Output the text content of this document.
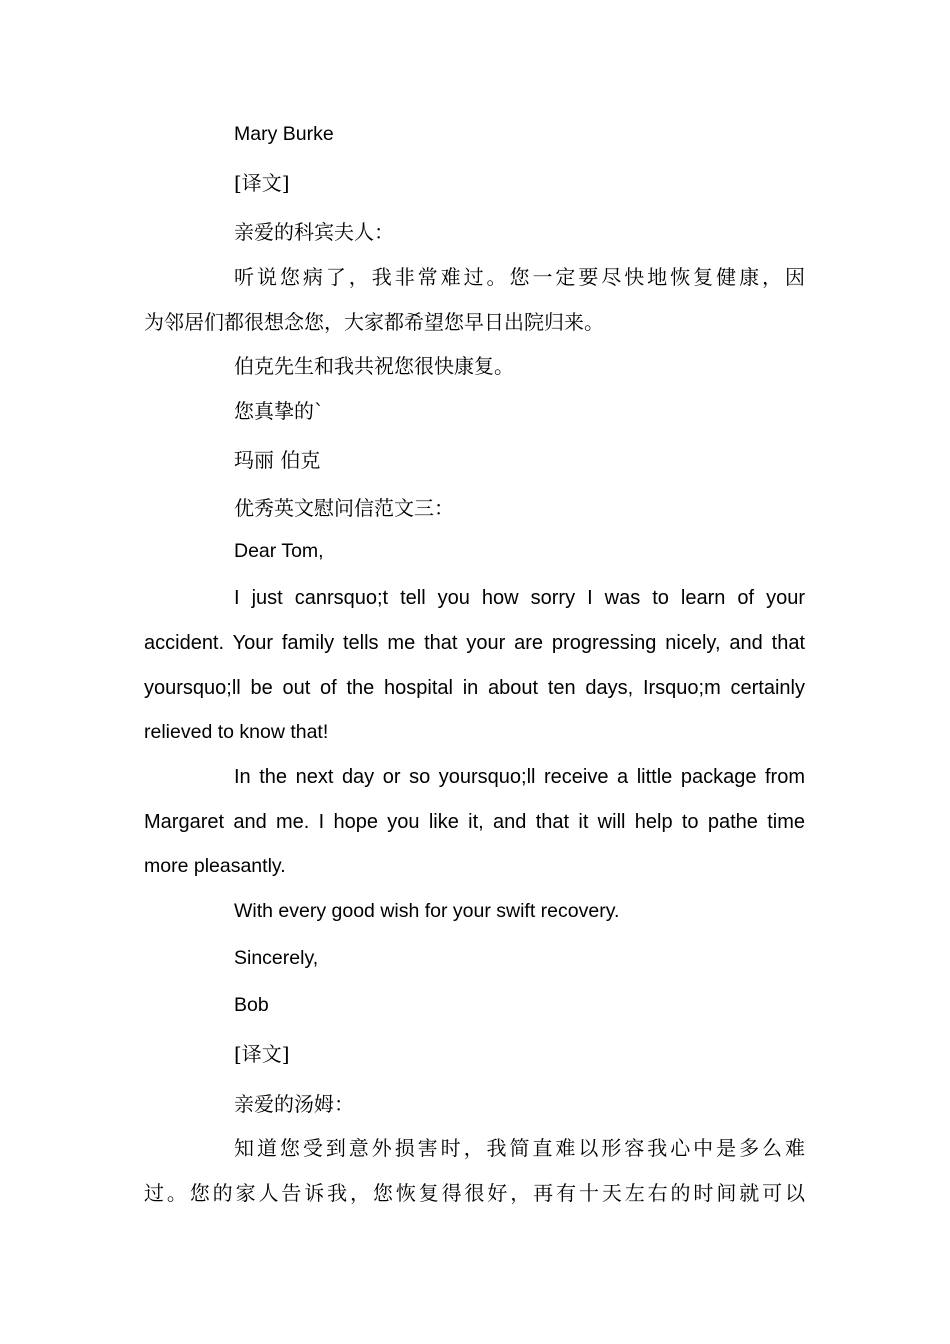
Mary Burke
[译文]
亲爱的科宾夫人：
听说您病了，我非常难过。您一定要尽快地恢复健康，因
为邻居们都很想念您，大家都希望您早日出院归来。
伯克先生和我共祝您很快康复。
您真挚的`
玛丽 伯克
优秀英文慰问信范文三：
Dear Tom,
I just canrsquo;t tell you how sorry I was to learn of your
accident. Your family tells me that your are progressing nicely, and that
yoursquo;ll be out of the hospital in about ten days, Irsquo;m certainly
relieved to know that!
In the next day or so yoursquo;ll receive a little package from
Margaret and me. I hope you like it, and that it will help to pathe time
more pleasantly.
With every good wish for your swift recovery.
Sincerely,
Bob
[译文]
亲爱的汤姆：
知道您受到意外损害时，我简直难以形容我心中是多么难
过。您的家人告诉我，您恢复得很好，再有十天左右的时间就可以
